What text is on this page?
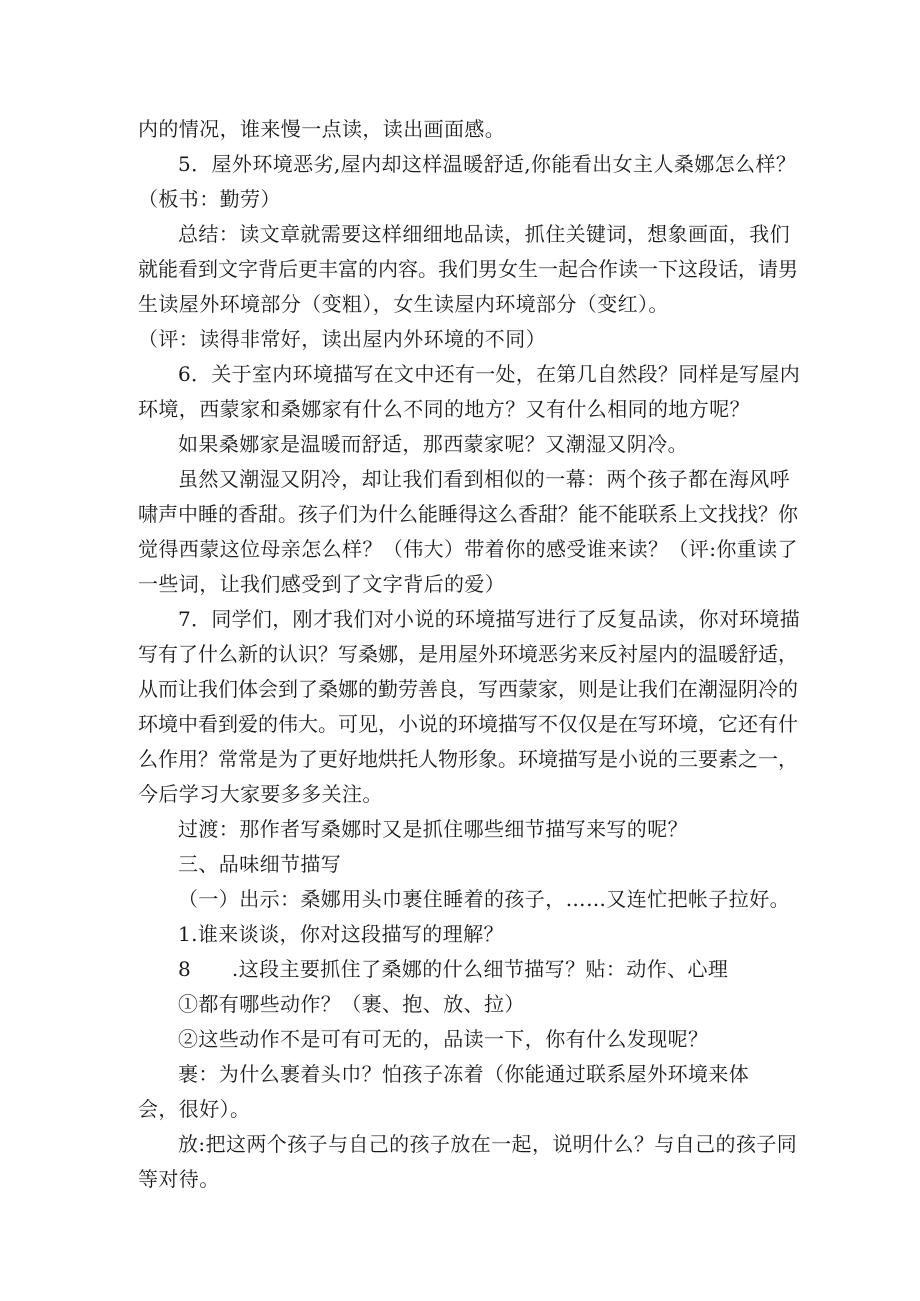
内的情况，谁来慢一点读，读出画面感。

5．屋外环境恶劣,屋内却这样温暖舒适,你能看出女主人桑娜怎么样？

（板书：勤劳）

总结：读文章就需要这样细细地品读，抓住关键词，想象画面，我们

就能看到文字背后更丰富的内容。我们男女生一起合作读一下这段话，请男

生读屋外环境部分（变粗），女生读屋内环境部分（变红）。

（评：读得非常好，读出屋内外环境的不同）

6．关于室内环境描写在文中还有一处，在第几自然段？同样是写屋内

环境，西蒙家和桑娜家有什么不同的地方？又有什么相同的地方呢？

如果桑娜家是温暖而舒适，那西蒙家呢？又潮湿又阴冷。

虽然又潮湿又阴冷，却让我们看到相似的一幕：两个孩子都在海风呼

啸声中睡的香甜。孩子们为什么能睡得这么香甜？能不能联系上文找找？你

觉得西蒙这位母亲怎么样？（伟大）带着你的感受谁来读？（评:你重读了

一些词，让我们感受到了文字背后的爱）

7．同学们，刚才我们对小说的环境描写进行了反复品读，你对环境描

写有了什么新的认识？写桑娜，是用屋外环境恶劣来反衬屋内的温暖舒适，

从而让我们体会到了桑娜的勤劳善良，写西蒙家，则是让我们在潮湿阴冷的

环境中看到爱的伟大。可见，小说的环境描写不仅仅是在写环境，它还有什

么作用？常常是为了更好地烘托人物形象。环境描写是小说的三要素之一，

今后学习大家要多多关注。

过渡：那作者写桑娜时又是抓住哪些细节描写来写的呢？

三、品味细节描写

（一）出示：桑娜用头巾裹住睡着的孩子，……又连忙把帐子拉好。

1.谁来谈谈，你对这段描写的理解？

8　　.这段主要抓住了桑娜的什么细节描写？贴：动作、心理

①都有哪些动作？（裹、抱、放、拉）

②这些动作不是可有可无的，品读一下，你有什么发现呢？

裹：为什么裹着头巾？怕孩子冻着（你能通过联系屋外环境来体

会，很好）。

放:把这两个孩子与自己的孩子放在一起，说明什么？与自己的孩子同

等对待。
